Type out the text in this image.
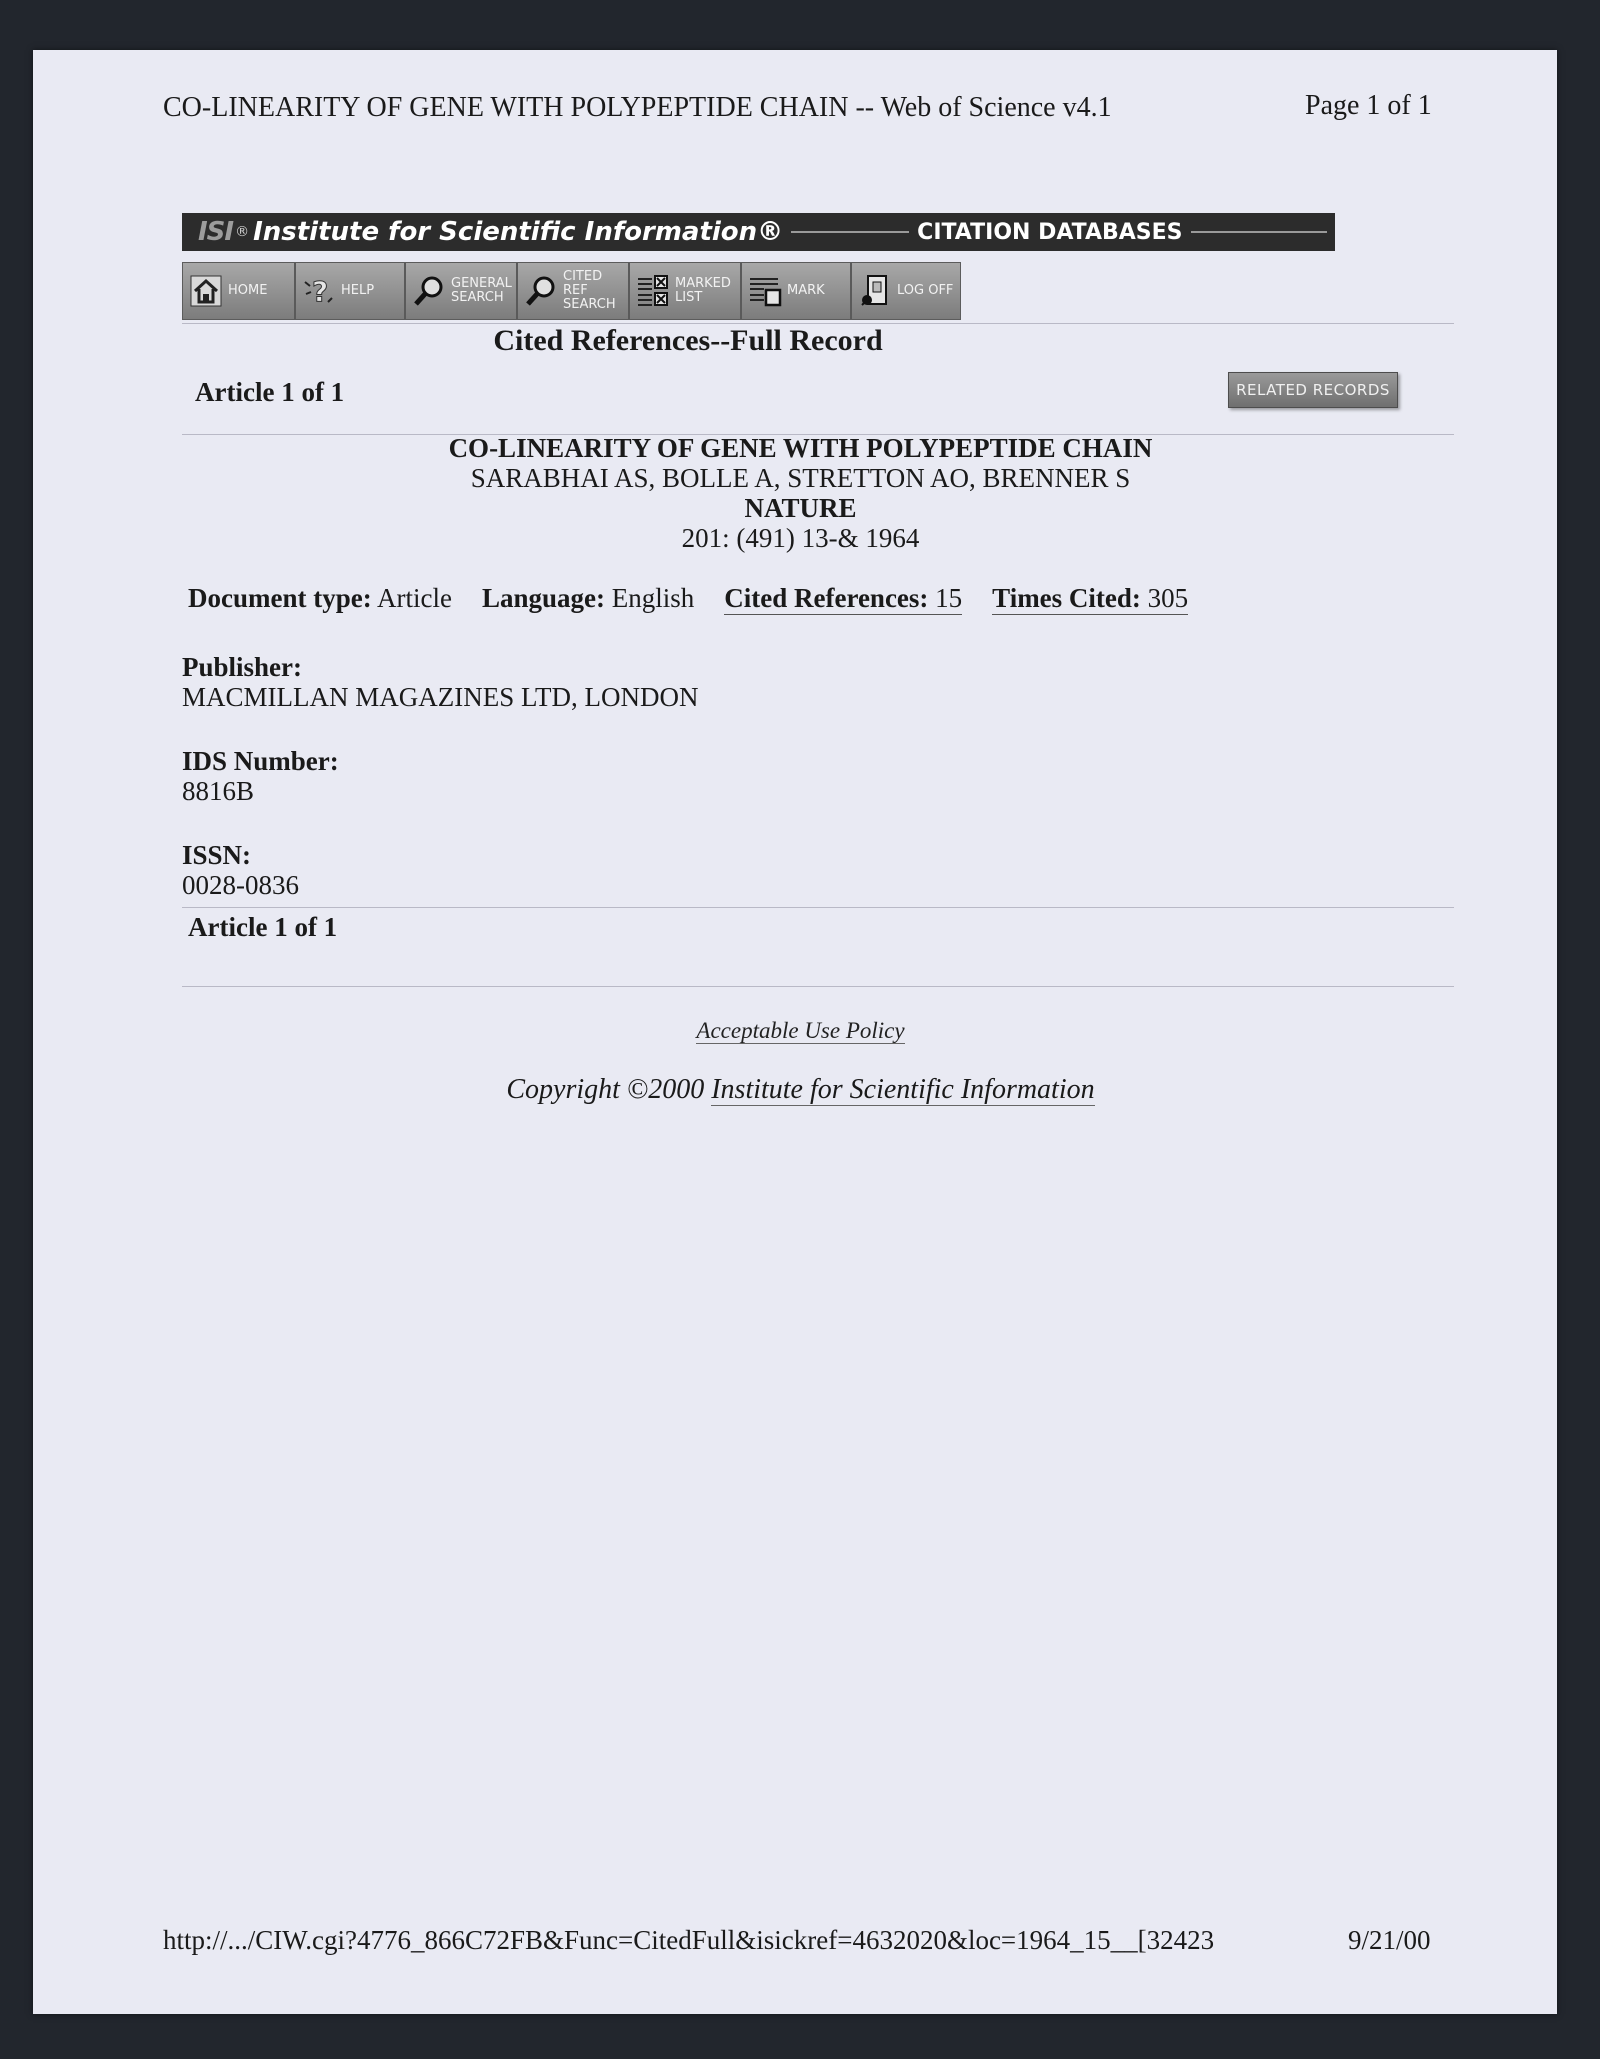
CO-LINEARITY OF GENE WITH POLYPEPTIDE CHAIN -- Web of Science v4.1	Page 1 of 1
ISI ® Institute for Scientific Information®	CITATION DATABASES
HOME ? HELP	GENERAL
SEARCH
CITED
REF
SEARCH
MARKED
LIST	MARK	LOG OFF
Cited References--Full Record
Article 1 of 1	RELATED RECORDS
CO-LINEARITY OF GENE WITH POLYPEPTIDE CHAIN
SARABHAI AS, BOLLE A, STRETTON AO, BRENNER S
NATURE
201: (491) 13-& 1964
Document type: Article Language: English Cited References: 15 Times Cited: 305
Publisher:
MACMILLAN MAGAZINES LTD, LONDON
IDS Number:
8816B
ISSN:
0028-0836
Article 1 of 1
Acceptable Use Policy
Copyright ©2000 Institute for Scientific Information
http://.../CIW.cgi?4776_866C72FB&Func=CitedFull&isickref=4632020&loc=1964_15__[32423	9/21/00
